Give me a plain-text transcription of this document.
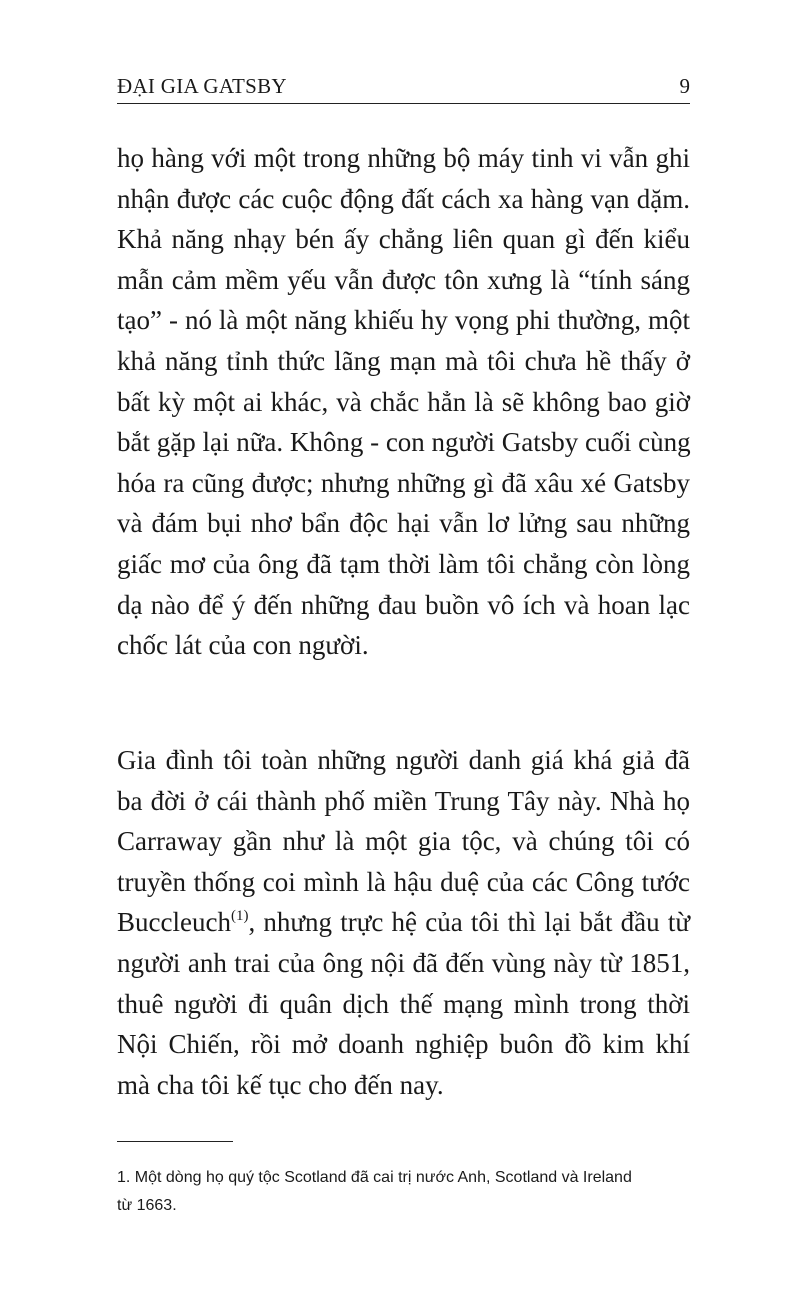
ĐẠI GIA GATSBY	9
họ hàng với một trong những bộ máy tinh vi vẫn ghi
nhận được các cuộc động đất cách xa hàng vạn dặm.
Khả năng nhạy bén ấy chẳng liên quan gì đến kiểu
mẫn cảm mềm yếu vẫn được tôn xưng là “tính sáng
tạo” - nó là một năng khiếu hy vọng phi thường, một
khả năng tỉnh thức lãng mạn mà tôi chưa hề thấy ở
bất kỳ một ai khác, và chắc hẳn là sẽ không bao giờ
bắt gặp lại nữa. Không - con người Gatsby cuối cùng
hóa ra cũng được; nhưng những gì đã xâu xé Gatsby
và đám bụi nhơ bẩn độc hại vẫn lơ lửng sau những
giấc mơ của ông đã tạm thời làm tôi chẳng còn lòng
dạ nào để ý đến những đau buồn vô ích và hoan lạc
chốc lát của con người.
Gia đình tôi toàn những người danh giá khá giả đã
ba đời ở cái thành phố miền Trung Tây này. Nhà họ
Carraway gần như là một gia tộc, và chúng tôi có
truyền thống coi mình là hậu duệ của các Công tước
Buccleuch$^{(1)}$, nhưng trực hệ của tôi thì lại bắt đầu từ
người anh trai của ông nội đã đến vùng này từ 1851,
thuê người đi quân dịch thế mạng mình trong thời
Nội Chiến, rồi mở doanh nghiệp buôn đồ kim khí
mà cha tôi kế tục cho đến nay.
1. Một dòng họ quý tộc Scotland đã cai trị nước Anh, Scotland và Ireland
từ 1663.
